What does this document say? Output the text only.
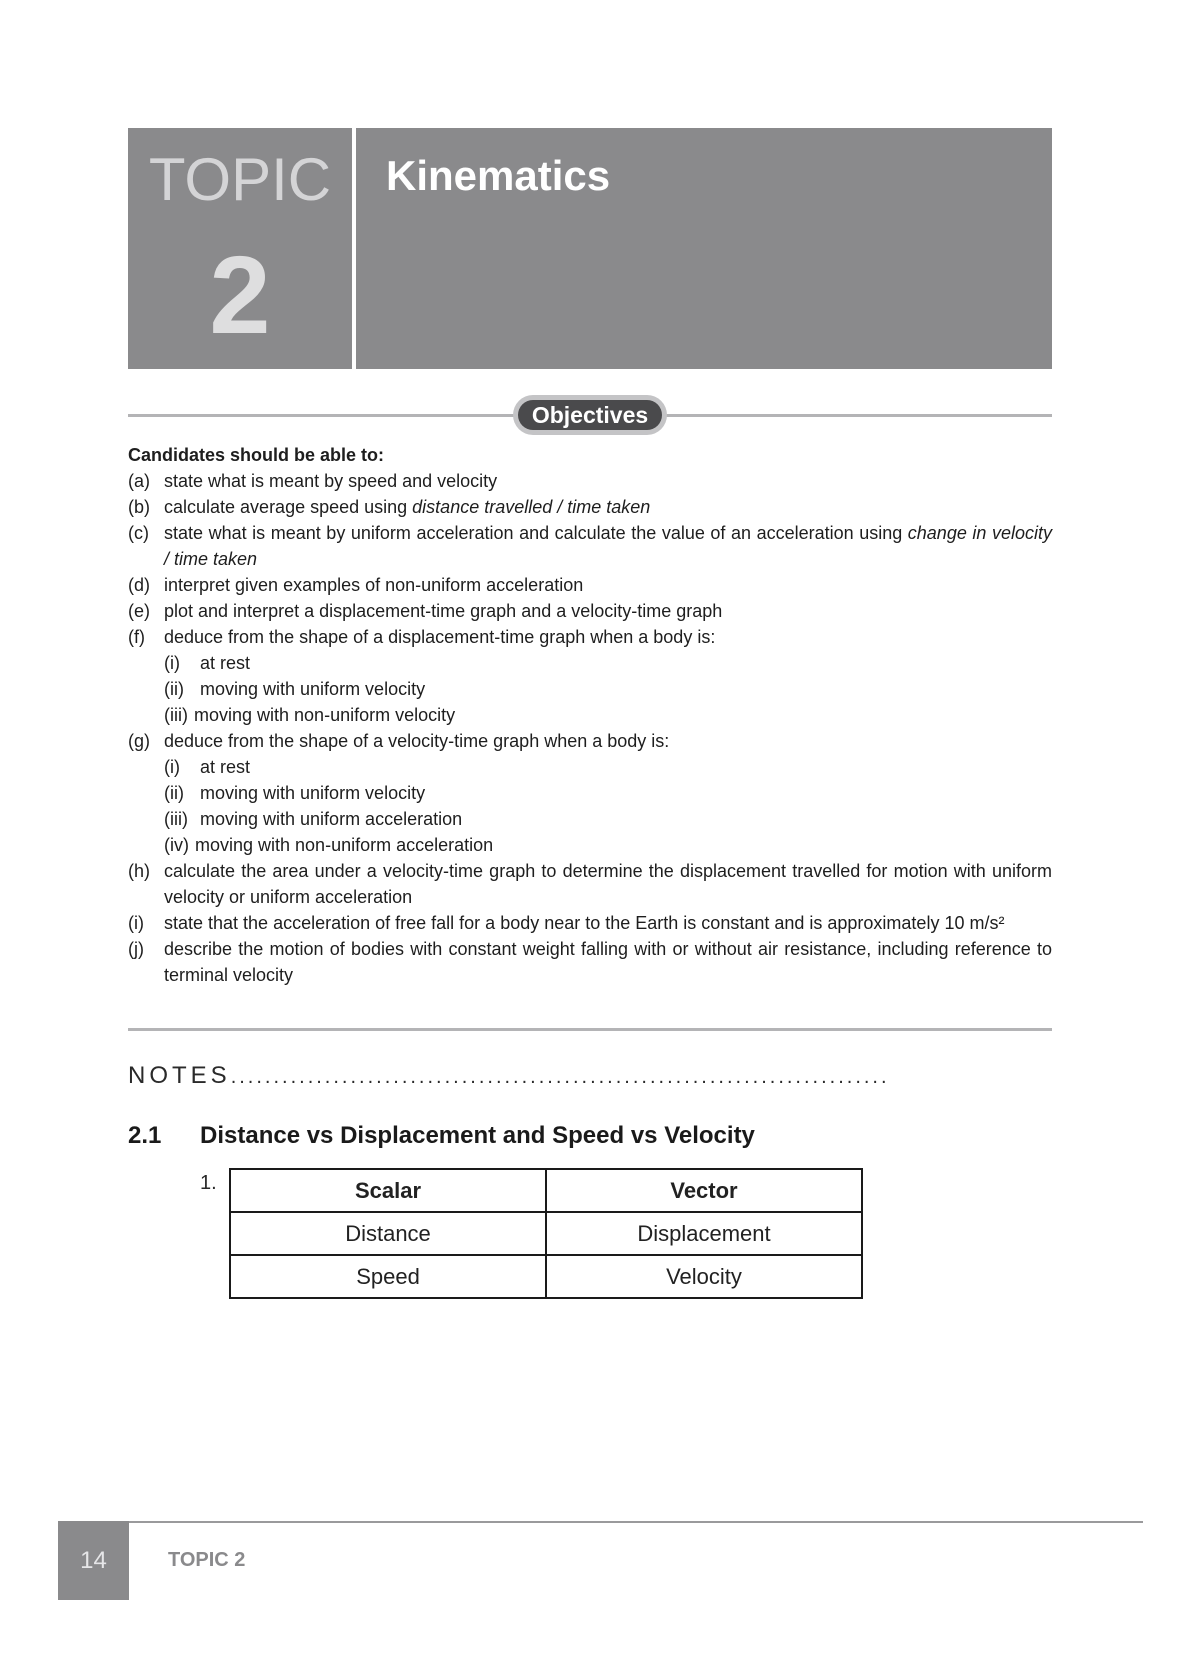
TOPIC
2
Kinematics
Objectives
Candidates should be able to:
(a) state what is meant by speed and velocity
(b) calculate average speed using distance travelled / time taken
(c) state what is meant by uniform acceleration and calculate the value of an acceleration using change in velocity / time taken
(d) interpret given examples of non-uniform acceleration
(e) plot and interpret a displacement-time graph and a velocity-time graph
(f) deduce from the shape of a displacement-time graph when a body is:
(i) at rest
(ii) moving with uniform velocity
(iii) moving with non-uniform velocity
(g) deduce from the shape of a velocity-time graph when a body is:
(i) at rest
(ii) moving with uniform velocity
(iii) moving with uniform acceleration
(iv) moving with non-uniform acceleration
(h) calculate the area under a velocity-time graph to determine the displacement travelled for motion with uniform velocity or uniform acceleration
(i) state that the acceleration of free fall for a body near to the Earth is constant and is approximately 10 m/s²
(j) describe the motion of bodies with constant weight falling with or without air resistance, including reference to terminal velocity
NOTES.............................................................................
2.1 Distance vs Displacement and Speed vs Velocity
1.	Scalar	Vector
Distance	Displacement
Speed	Velocity
14	TOPIC 2
